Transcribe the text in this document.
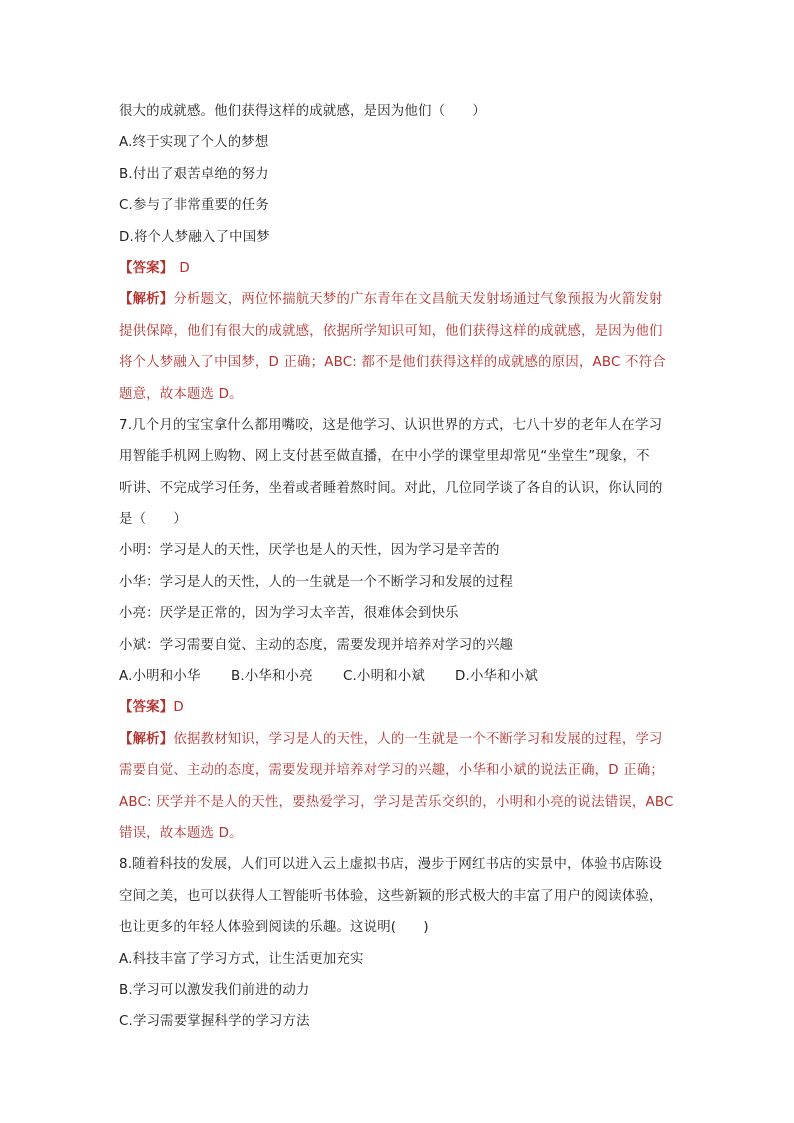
很大的成就感。他们获得这样的成就感，是因为他们（　　）
A.终于实现了个人的梦想
B.付出了艰苦卓绝的努力
C.参与了非常重要的任务
D.将个人梦融入了中国梦
【答案】 D
【解析】分析题文，两位怀揣航天梦的广东青年在文昌航天发射场通过气象预报为火箭发射
提供保障，他们有很大的成就感，依据所学知识可知，他们获得这样的成就感，是因为他们
将个人梦融入了中国梦，D 正确；ABC: 都不是他们获得这样的成就感的原因，ABC 不符合
题意，故本题选 D。
7.几个月的宝宝拿什么都用嘴咬，这是他学习、认识世界的方式，七八十岁的老年人在学习
用智能手机网上购物、网上支付甚至做直播，在中小学的课堂里却常见“坐堂生”现象，不
听讲、不完成学习任务，坐着或者睡着熬时间。对此，几位同学谈了各自的认识，你认同的
是（　　）
小明：学习是人的天性，厌学也是人的天性，因为学习是辛苦的
小华：学习是人的天性，人的一生就是一个不断学习和发展的过程
小亮：厌学是正常的，因为学习太辛苦，很难体会到快乐
小斌：学习需要自觉、主动的态度，需要发现并培养对学习的兴趣
A.小明和小华 B.小华和小亮 C.小明和小斌 D.小华和小斌
【答案】D
【解析】依据教材知识，学习是人的天性，人的一生就是一个不断学习和发展的过程，学习
需要自觉、主动的态度，需要发现并培养对学习的兴趣，小华和小斌的说法正确，D 正确；
ABC: 厌学并不是人的天性，要热爱学习，学习是苦乐交织的，小明和小亮的说法错误，ABC
错误，故本题选 D。
8.随着科技的发展，人们可以进入云上虚拟书店，漫步于网红书店的实景中，体验书店陈设
空间之美，也可以获得人工智能听书体验，这些新颖的形式极大的丰富了用户的阅读体验，
也让更多的年轻人体验到阅读的乐趣。这说明(　　)
A.科技丰富了学习方式，让生活更加充实
B.学习可以激发我们前进的动力
C.学习需要掌握科学的学习方法
